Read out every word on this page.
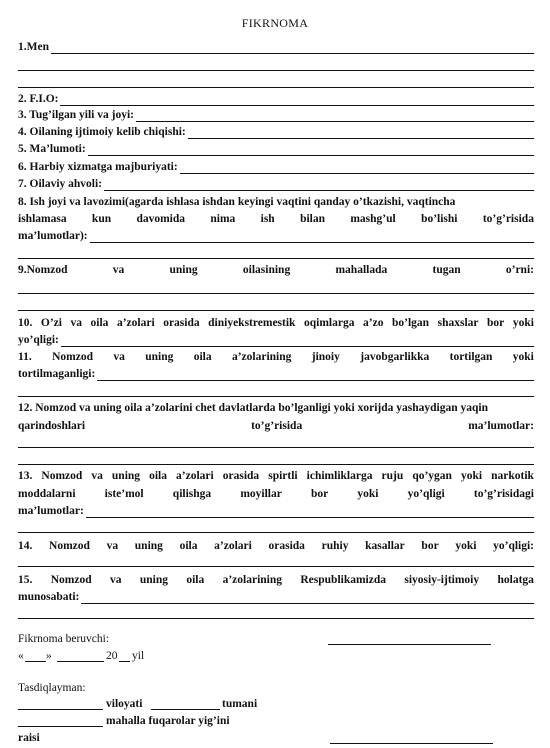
FIKRNOMA
1.Men
2. F.I.O:
3. Tug’ilgan yili va joyi:
4. Oilaning ijtimoiy kelib chiqishi:
5. Ma’lumoti:
6. Harbiy xizmatga majburiyati:
7. Oilaviy ahvoli:
8. Ish joyi va lavozimi(agarda ishlasa ishdan keyingi vaqtini qanday o’tkazishi, vaqtincha
ishlamasa kun davomida nima ish bilan mashg’ul bo’lishi to’g’risida
ma’lumotlar):
9.Nomzod	va	uning	oilasining	mahallada	tugan	o’rni:
10. O’zi va oila a’zolari orasida diniyekstremestik oqimlarga a’zo bo’lgan shaxslar bor yoki
yo’qligi:
11. Nomzod va uning oila a’zolarining jinoiy javobgarlikka tortilgan yoki
tortilmaganligi:
12. Nomzod va uning oila a’zolarini chet davlatlarda bo’lganligi yoki xorijda yashaydigan yaqin
qarindoshlari	to’g’risida	ma’lumotlar:
13. Nomzod va uning oila a’zolari orasida spirtli ichimliklarga ruju qo’ygan yoki narkotik
moddalarni	iste’mol	qilishga	moyillar	bor	yoki	yo’qligi	to’g’risidagi
ma’lumotlar:
14. Nomzod va uning oila a’zolari orasida ruhiy kasallar bor yoki yo’qligi:
15. Nomzod va uning oila a’zolarining Respublikamizda siyosiy-ijtimoiy holatga
munosabati:
Fikrnoma beruvchi:
« »	20 yil
Tasdiqlayman:
viloyati	tumani
mahalla fuqarolar yig’ini
raisi
